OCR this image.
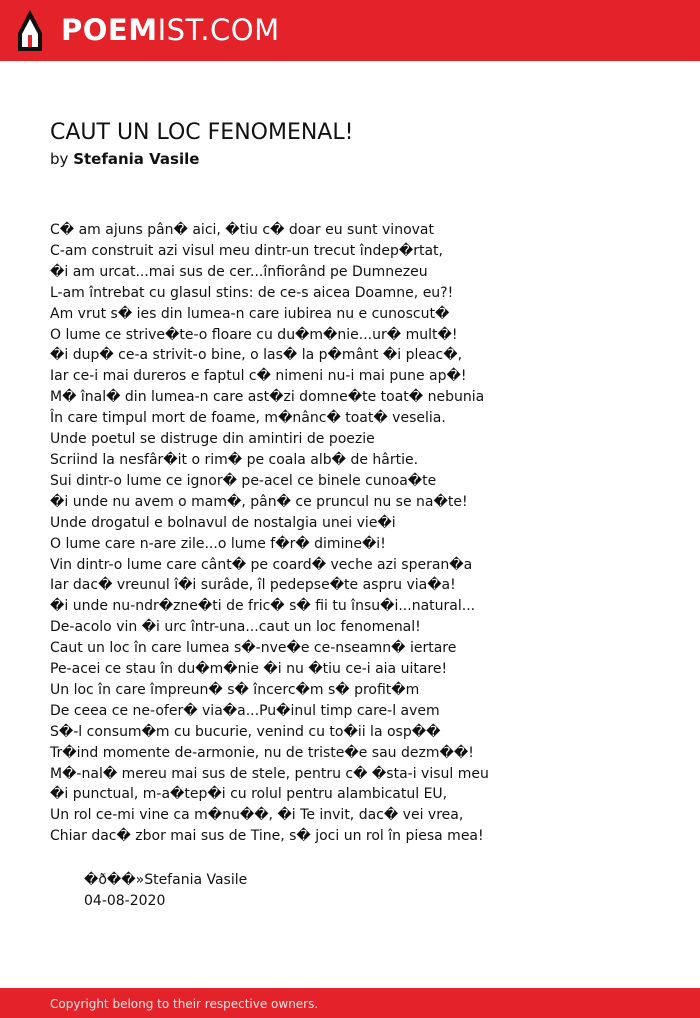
POEMIST.COM
CAUT UN LOC FENOMENAL!
by Stefania Vasile
C� am ajuns pân� aici, �tiu c� doar eu sunt vinovat
C-am construit azi visul meu dintr-un trecut îndep�rtat,
�i am urcat...mai sus de cer...înfiorând pe Dumnezeu
L-am întrebat cu glasul stins: de ce-s aicea Doamne, eu?!
Am vrut s� ies din lumea-n care iubirea nu e cunoscut�
O lume ce strive�te-o floare cu du�m�nie...ur� mult�!
�i dup� ce-a strivit-o bine, o las� la p�mânt �i pleac�,
Iar ce-i mai dureros e faptul c� nimeni nu-i mai pune ap�!
M� înal� din lumea-n care ast�zi domne�te toat� nebunia
În care timpul mort de foame, m�nânc� toat� veselia.
Unde poetul se distruge din amintiri de poezie
Scriind la nesfâr�it o rim� pe coala alb� de hârtie.
Sui dintr-o lume ce ignor� pe-acel ce binele cunoa�te
�i unde nu avem o mam�, pân� ce pruncul nu se na�te!
Unde drogatul e bolnavul de nostalgia unei vie�i
O lume care n-are zile...o lume f�r� dimine�i!
Vin dintr-o lume care cânt� pe coard� veche azi speran�a
Iar dac� vreunul î�i surâde, îl pedepse�te aspru via�a!
�i unde nu-ndr�zne�ti de fric� s� fii tu însu�i...natural...
De-acolo vin �i urc într-una...caut un loc fenomenal!
Caut un loc în care lumea s�-nve�e ce-nseamn� iertare
Pe-acei ce stau în du�m�nie �i nu �tiu ce-i aia uitare!
Un loc în care împreun� s� încerc�m s� profit�m
De ceea ce ne-ofer� via�a...Pu�inul timp care-l avem
S�-l consum�m cu bucurie, venind cu to�ii la osp��
Tr�ind momente de-armonie, nu de triste�e sau dezm��!
M�-nal� mereu mai sus de stele, pentru c� �sta-i visul meu
�i punctual, m-a�tep�i cu rolul pentru alambicatul EU,
Un rol ce-mi vine ca m�nu��, �i Te invit, dac� vei vrea,
Chiar dac� zbor mai sus de Tine, s� joci un rol în piesa mea!
�ð��»Stefania Vasile
04-08-2020
Copyright belong to their respective owners.
